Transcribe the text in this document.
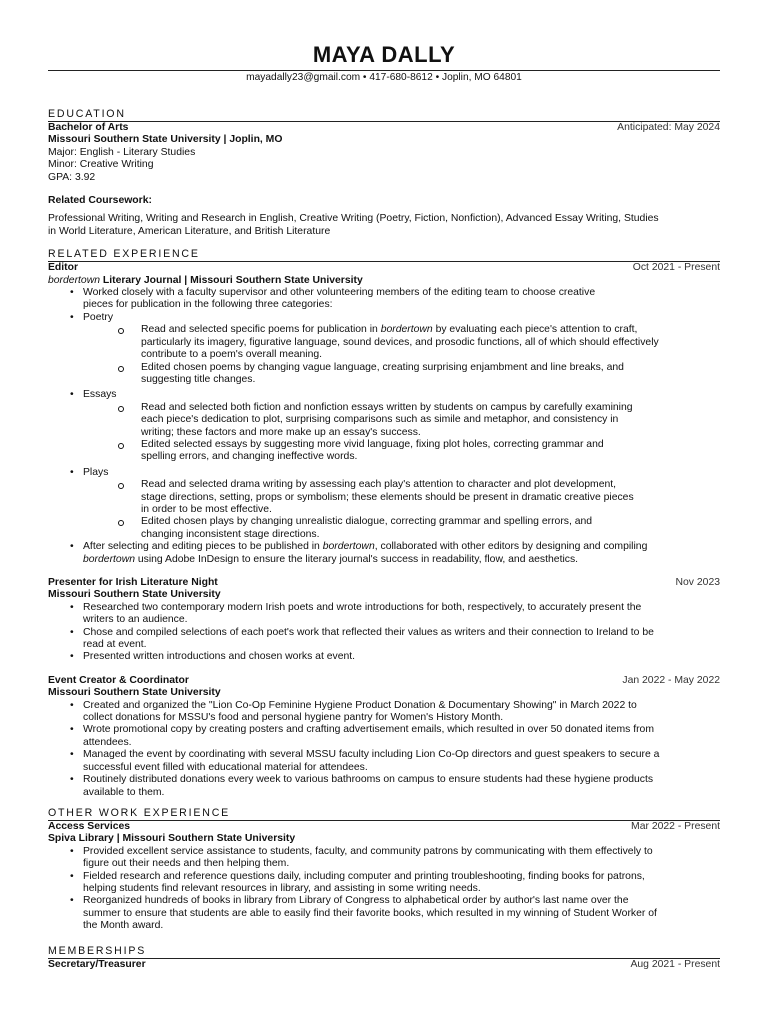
MAYA DALLY
mayadally23@gmail.com • 417-680-8612 • Joplin, MO 64801
EDUCATION
Bachelor of Arts	Anticipated: May 2024
Missouri Southern State University | Joplin, MO
Major: English - Literary Studies
Minor: Creative Writing
GPA: 3.92
Related Coursework:
Professional Writing, Writing and Research in English, Creative Writing (Poetry, Fiction, Nonfiction), Advanced Essay Writing, Studies
in World Literature, American Literature, and British Literature
RELATED EXPERIENCE
Editor	Oct 2021 - Present
bordertown Literary Journal | Missouri Southern State University
• Worked closely with a faculty supervisor and other volunteering members of the editing team to choose creative
pieces for publication in the following three categories:
• Poetry
Read and selected specific poems for publication in bordertown by evaluating each piece's attention to craft,
particularly its imagery, figurative language, sound devices, and prosodic functions, all of which should effectively
contribute to a poem's overall meaning.
Edited chosen poems by changing vague language, creating surprising enjambment and line breaks, and
suggesting title changes.
• Essays
Read and selected both fiction and nonfiction essays written by students on campus by carefully examining
each piece's dedication to plot, surprising comparisons such as simile and metaphor, and consistency in
writing; these factors and more make up an essay's success.
Edited selected essays by suggesting more vivid language, fixing plot holes, correcting grammar and
spelling errors, and changing ineffective words.
• Plays
Read and selected drama writing by assessing each play's attention to character and plot development,
stage directions, setting, props or symbolism; these elements should be present in dramatic creative pieces
in order to be most effective.
Edited chosen plays by changing unrealistic dialogue, correcting grammar and spelling errors, and
changing inconsistent stage directions.
• After selecting and editing pieces to be published in bordertown, collaborated with other editors by designing and compiling
bordertown using Adobe InDesign to ensure the literary journal's success in readability, flow, and aesthetics.
Presenter for Irish Literature Night	Nov 2023
Missouri Southern State University
• Researched two contemporary modern Irish poets and wrote introductions for both, respectively, to accurately present the
writers to an audience.
• Chose and compiled selections of each poet's work that reflected their values as writers and their connection to Ireland to be
read at event.
• Presented written introductions and chosen works at event.
Event Creator & Coordinator	Jan 2022 - May 2022
Missouri Southern State University
• Created and organized the "Lion Co-Op Feminine Hygiene Product Donation & Documentary Showing" in March 2022 to
collect donations for MSSU's food and personal hygiene pantry for Women's History Month.
• Wrote promotional copy by creating posters and crafting advertisement emails, which resulted in over 50 donated items from
attendees.
• Managed the event by coordinating with several MSSU faculty including Lion Co-Op directors and guest speakers to secure a
successful event filled with educational material for attendees.
• Routinely distributed donations every week to various bathrooms on campus to ensure students had these hygiene products
available to them.
OTHER WORK EXPERIENCE
Access Services	Mar 2022 - Present
Spiva Library | Missouri Southern State University
• Provided excellent service assistance to students, faculty, and community patrons by communicating with them effectively to
figure out their needs and then helping them.
• Fielded research and reference questions daily, including computer and printing troubleshooting, finding books for patrons,
helping students find relevant resources in library, and assisting in some writing needs.
• Reorganized hundreds of books in library from Library of Congress to alphabetical order by author's last name over the
summer to ensure that students are able to easily find their favorite books, which resulted in my winning of Student Worker of
the Month award.
MEMBERSHIPS
Secretary/Treasurer	Aug 2021 - Present
